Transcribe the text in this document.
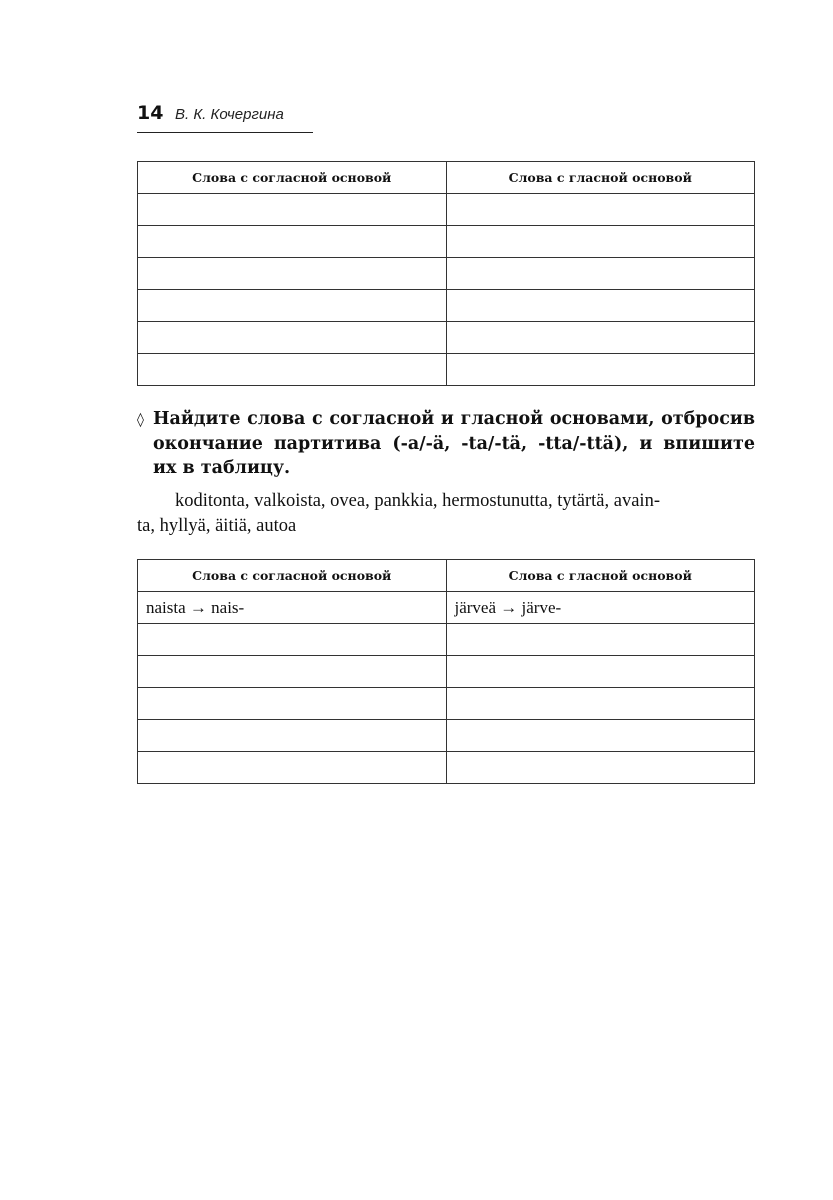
14 В. К. Кочергина
Слова с согласной основой	Слова с гласной основой

◊ Найдите слова с согласной и гласной основами, отбросив окончание партитива (-a/-ä, -ta/-tä, -tta/-ttä), и впишите их в таблицу.
koditonta, valkoista, ovea, pankkia, hermostunutta, tytärtä, avain-
ta, hyllyä, äitiä, autoa
Слова с согласной основой	Слова с гласной основой
naista → nais-	järveä → järve-
